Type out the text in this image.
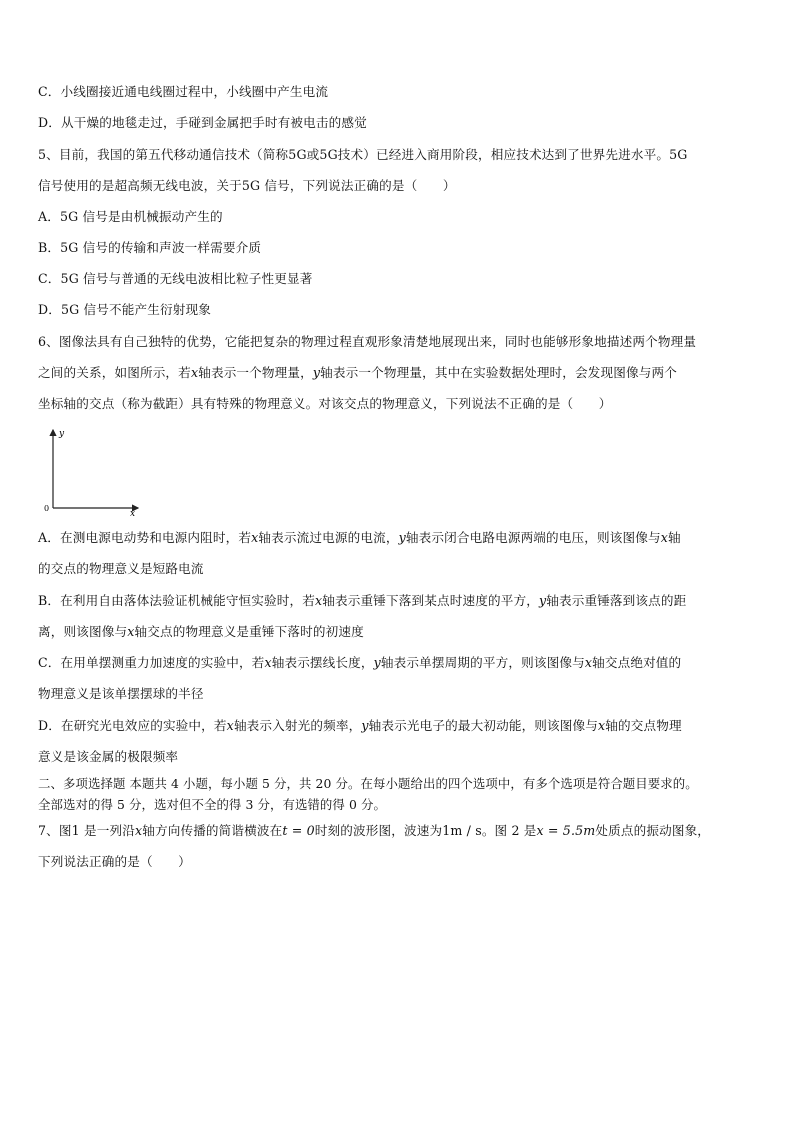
C．小线圈接近通电线圈过程中，小线圈中产生电流
D．从干燥的地毯走过，手碰到金属把手时有被电击的感觉
5、目前，我国的第五代移动通信技术（简称5G或5G技术）已经进入商用阶段，相应技术达到了世界先进水平。5G
信号使用的是超高频无线电波，关于5G 信号，下列说法正确的是（　　）
A．5G 信号是由机械振动产生的
B．5G 信号的传输和声波一样需要介质
C．5G 信号与普通的无线电波相比粒子性更显著
D．5G 信号不能产生衍射现象
6、图像法具有自己独特的优势，它能把复杂的物理过程直观形象清楚地展现出来，同时也能够形象地描述两个物理量
之间的关系，如图所示，若x轴表示一个物理量，y轴表示一个物理量，其中在实验数据处理时，会发现图像与两个
坐标轴的交点（称为截距）具有特殊的物理意义。对该交点的物理意义，下列说法不正确的是（　　）
y
x
0
A．在测电源电动势和电源内阻时，若x轴表示流过电源的电流，y轴表示闭合电路电源两端的电压，则该图像与x轴
的交点的物理意义是短路电流
B．在利用自由落体法验证机械能守恒实验时，若x轴表示重锤下落到某点时速度的平方，y轴表示重锤落到该点的距
离，则该图像与x轴交点的物理意义是重锤下落时的初速度
C．在用单摆测重力加速度的实验中，若x轴表示摆线长度，y轴表示单摆周期的平方，则该图像与x轴交点绝对值的
物理意义是该单摆摆球的半径
D．在研究光电效应的实验中，若x轴表示入射光的频率，y轴表示光电子的最大初动能，则该图像与x轴的交点物理
意义是该金属的极限频率
二、多项选择题 本题共 4 小题，每小题 5 分，共 20 分。在每小题给出的四个选项中，有多个选项是符合题目要求的。
全部选对的得 5 分，选对但不全的得 3 分，有选错的得 0 分。
7、图1 是一列沿x轴方向传播的简谐横波在t = 0时刻的波形图，波速为1m / s。图 2 是x = 5.5m处质点的振动图象，
下列说法正确的是（　　）
